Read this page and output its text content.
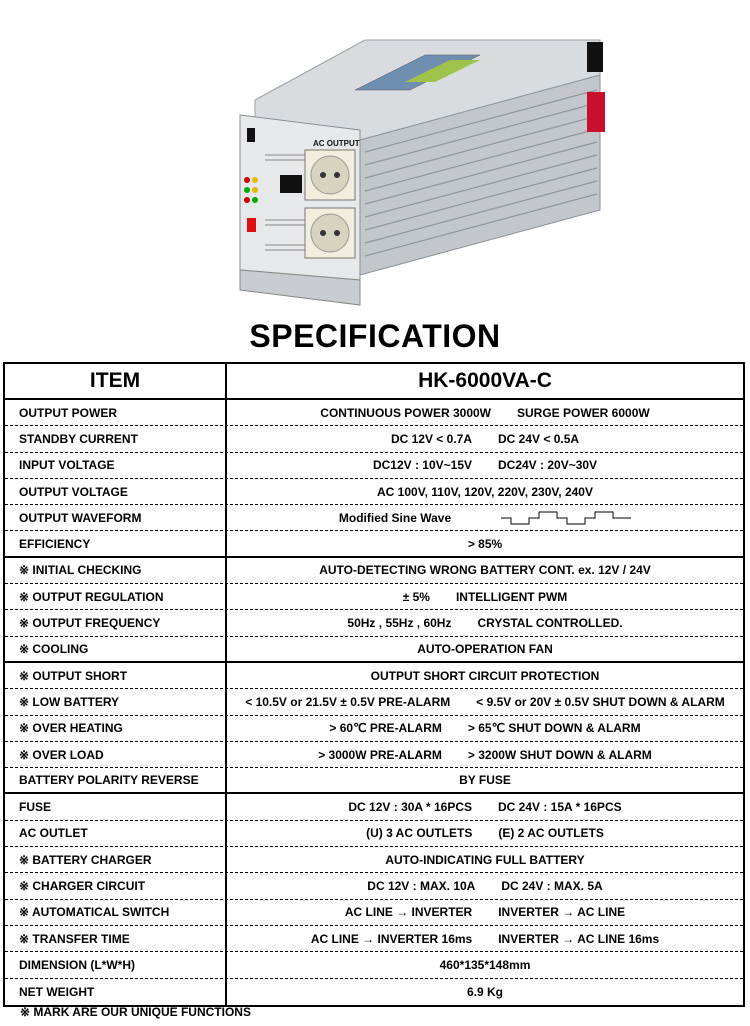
AC OUTPUT
SPECIFICATION
ITEM	HK-6000VA-C
OUTPUT POWER	CONTINUOUS POWER 3000W SURGE POWER 6000W
STANDBY CURRENT	DC 12V < 0.7A DC 24V < 0.5A
INPUT VOLTAGE	DC12V : 10V~15V DC24V : 20V~30V
OUTPUT VOLTAGE	AC 100V, 110V, 120V, 220V, 230V, 240V
OUTPUT WAVEFORM	Modified Sine Wave
EFFICIENCY	> 85%
※ INITIAL CHECKING	AUTO-DETECTING WRONG BATTERY CONT. ex. 12V / 24V
※ OUTPUT REGULATION	± 5% INTELLIGENT PWM
※ OUTPUT FREQUENCY	50Hz , 55Hz , 60Hz CRYSTAL CONTROLLED.
※ COOLING	AUTO-OPERATION FAN
※ OUTPUT SHORT	OUTPUT SHORT CIRCUIT PROTECTION
※ LOW BATTERY	< 10.5V or 21.5V ± 0.5V PRE-ALARM < 9.5V or 20V ± 0.5V SHUT DOWN & ALARM
※ OVER HEATING	> 60℃ PRE-ALARM > 65℃ SHUT DOWN & ALARM
※ OVER LOAD	> 3000W PRE-ALARM > 3200W SHUT DOWN & ALARM
BATTERY POLARITY REVERSE	BY FUSE
FUSE	DC 12V : 30A * 16PCS DC 24V : 15A * 16PCS
AC OUTLET	(U) 3 AC OUTLETS (E) 2 AC OUTLETS
※ BATTERY CHARGER	AUTO-INDICATING FULL BATTERY
※ CHARGER CIRCUIT	DC 12V : MAX. 10A DC 24V : MAX. 5A
※ AUTOMATICAL SWITCH	AC LINE → INVERTER INVERTER → AC LINE
※ TRANSFER TIME	AC LINE → INVERTER 16ms INVERTER → AC LINE 16ms
DIMENSION (L*W*H)	460*135*148mm
NET WEIGHT	6.9 Kg
※ MARK ARE OUR UNIQUE FUNCTIONS
